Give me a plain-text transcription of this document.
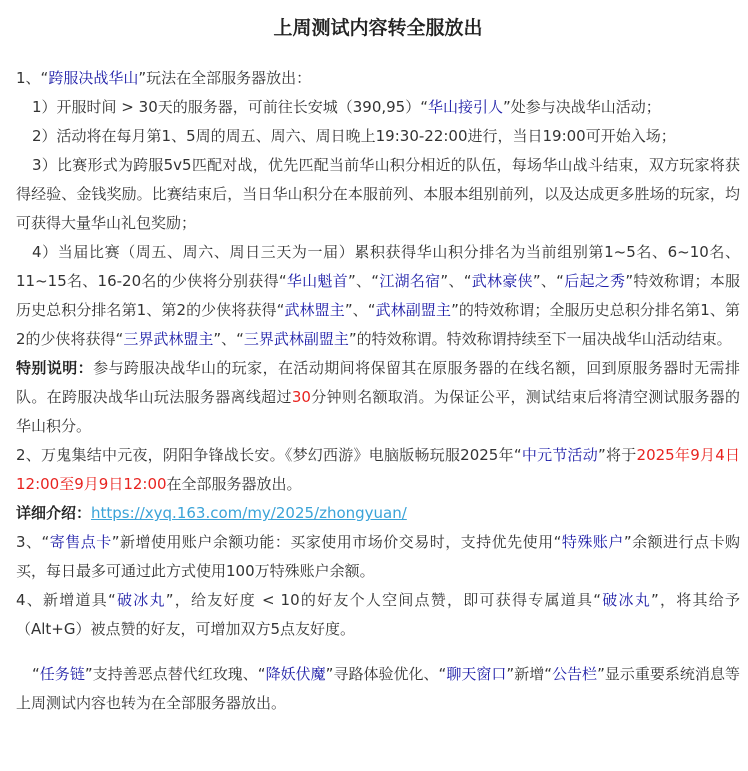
上周测试内容转全服放出

1、“跨服决战华山”玩法在全部服务器放出：

1）开服时间 > 30天的服务器，可前往长安城（390,95）“华山接引人”处参与决战华山活动；

2）活动将在每月第1、5周的周五、周六、周日晚上19:30-22:00进行，当日19:00可开始入场；

3）比赛形式为跨服5v5匹配对战，优先匹配当前华山积分相近的队伍，每场华山战斗结束，双方玩家将获得经验、金钱奖励。比赛结束后，当日华山积分在本服前列、本服本组别前列，以及达成更多胜场的玩家，均可获得大量华山礼包奖励；

4）当届比赛（周五、周六、周日三天为一届）累积获得华山积分排名为当前组别第1~5名、6~10名、11~15名、16-20名的少侠将分别获得“华山魁首”、“江湖名宿”、“武林豪侠”、“后起之秀”特效称谓；本服历史总积分排名第1、第2的少侠将获得“武林盟主”、“武林副盟主”的特效称谓；全服历史总积分排名第1、第2的少侠将获得“三界武林盟主”、“三界武林副盟主”的特效称谓。特效称谓持续至下一届决战华山活动结束。

特别说明：参与跨服决战华山的玩家，在活动期间将保留其在原服务器的在线名额，回到原服务器时无需排队。在跨服决战华山玩法服务器离线超过30分钟则名额取消。为保证公平，测试结束后将清空测试服务器的华山积分。

2、万鬼集结中元夜，阴阳争锋战长安。《梦幻西游》电脑版畅玩服2025年“中元节活动”将于2025年9月4日12:00至9月9日12:00在全部服务器放出。

详细介绍：https://xyq.163.com/my/2025/zhongyuan/

3、“寄售点卡”新增使用账户余额功能：买家使用市场价交易时，支持优先使用“特殊账户”余额进行点卡购买，每日最多可通过此方式使用100万特殊账户余额。

4、新增道具“破冰丸”，给友好度 < 10的好友个人空间点赞，即可获得专属道具“破冰丸”，将其给予（Alt+G）被点赞的好友，可增加双方5点友好度。

“任务链”支持善恶点替代红玫瑰、“降妖伏魔”寻路体验优化、“聊天窗口”新增“公告栏”显示重要系统消息等上周测试内容也转为在全部服务器放出。
